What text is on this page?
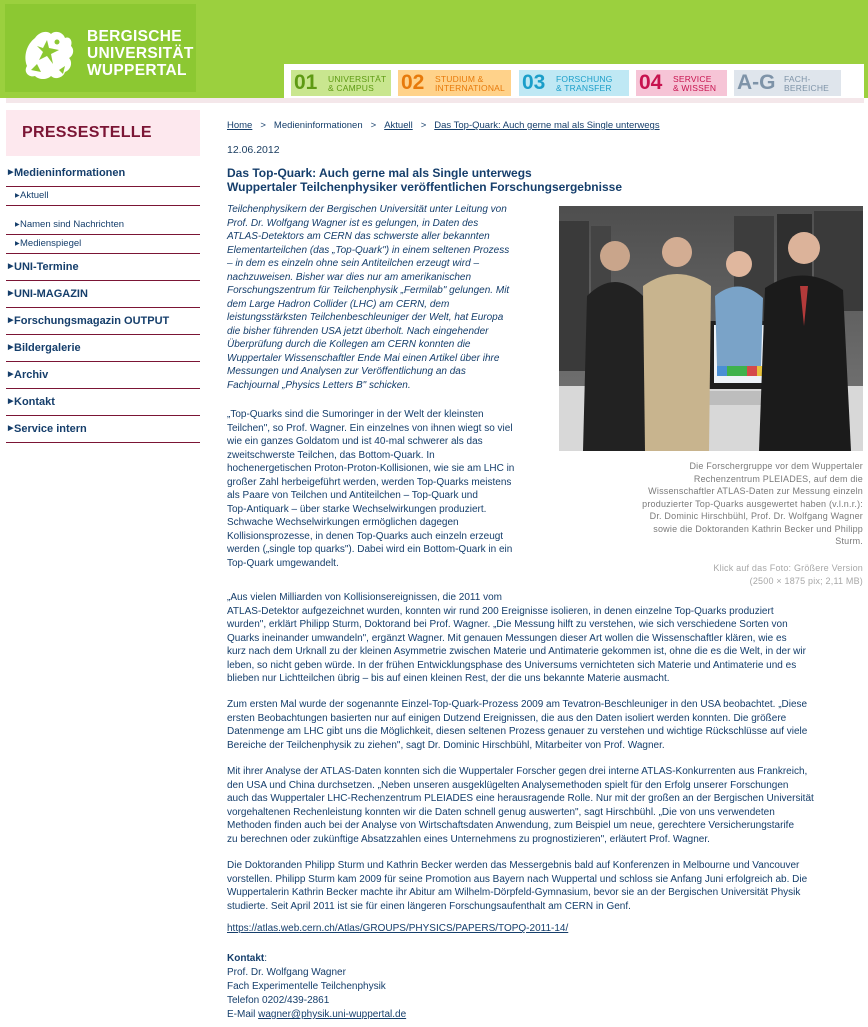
BERGISCHE
UNIVERSITÄT
WUPPERTAL
01 UNIVERSITÄT
& CAMPUS	02 STUDIUM &
INTERNATIONAL 03 FORSCHUNG
& TRANSFER 04 SERVICE
& WISSEN A-G FACH-
BEREICHE
PRESSESTELLE
▶ Medieninformationen
▶ Aktuell
▶ Namen sind Nachrichten
▶ Medienspiegel
▶ UNI-Termine
▶ UNI-MAGAZIN
▶ Forschungsmagazin OUTPUT
▶ Bildergalerie
▶ Archiv
▶ Kontakt
▶ Service intern
Home > Medieninformationen > Aktuell > Das Top-Quark: Auch gerne mal als Single unterwegs
12.06.2012
Das Top-Quark: Auch gerne mal als Single unterwegs
Wuppertaler Teilchenphysiker veröffentlichen Forschungsergebnisse
Teilchenphysikern der Bergischen Universität unter Leitung von
Prof. Dr. Wolfgang Wagner ist es gelungen, in Daten des
ATLAS-Detektors am CERN das schwerste aller bekannten
Elementarteilchen (das „Top-Quark") in einem seltenen Prozess
– in dem es einzeln ohne sein Antiteilchen erzeugt wird –
nachzuweisen. Bisher war dies nur am amerikanischen
Forschungszentrum für Teilchenphysik „Fermilab" gelungen. Mit
dem Large Hadron Collider (LHC) am CERN, dem
leistungsstärksten Teilchenbeschleuniger der Welt, hat Europa
die bisher führenden USA jetzt überholt. Nach eingehender
Überprüfung durch die Kollegen am CERN konnten die
Wuppertaler Wissenschaftler Ende Mai einen Artikel über ihre
Messungen und Analysen zur Veröffentlichung an das
Fachjournal „Physics Letters B" schicken.
„Top-Quarks sind die Sumoringer in der Welt der kleinsten
Teilchen", so Prof. Wagner. Ein einzelnes von ihnen wiegt so viel
wie ein ganzes Goldatom und ist 40-mal schwerer als das
zweitschwerste Teilchen, das Bottom-Quark. In
hochenergetischen Proton-Proton-Kollisionen, wie sie am LHC in
großer Zahl herbeigeführt werden, werden Top-Quarks meistens
als Paare von Teilchen und Antiteilchen – Top-Quark und
Top-Antiquark – über starke Wechselwirkungen produziert.
Schwache Wechselwirkungen ermöglichen dagegen
Kollisionsprozesse, in denen Top-Quarks auch einzeln erzeugt
werden („single top quarks"). Dabei wird ein Bottom-Quark in ein
Top-Quark umgewandelt.
„Aus vielen Milliarden von Kollisionsereignissen, die 2011 vom
ATLAS-Detektor aufgezeichnet wurden, konnten wir rund 200 Ereignisse isolieren, in denen einzelne Top-Quarks produziert
wurden", erklärt Philipp Sturm, Doktorand bei Prof. Wagner. „Die Messung hilft zu verstehen, wie sich verschiedene Sorten von
Quarks ineinander umwandeln", ergänzt Wagner. Mit genauen Messungen dieser Art wollen die Wissenschaftler klären, wie es
kurz nach dem Urknall zu der kleinen Asymmetrie zwischen Materie und Antimaterie gekommen ist, ohne die es die Welt, in der wir
leben, so nicht geben würde. In der frühen Entwicklungsphase des Universums vernichteten sich Materie und Antimaterie und es
blieben nur Lichtteilchen übrig – bis auf einen kleinen Rest, der die uns bekannte Materie ausmacht.
Zum ersten Mal wurde der sogenannte Einzel-Top-Quark-Prozess 2009 am Tevatron-Beschleuniger in den USA beobachtet. „Diese
ersten Beobachtungen basierten nur auf einigen Dutzend Ereignissen, die aus den Daten isoliert werden konnten. Die größere
Datenmenge am LHC gibt uns die Möglichkeit, diesen seltenen Prozess genauer zu verstehen und wichtige Rückschlüsse auf viele
Bereiche der Teilchenphysik zu ziehen", sagt Dr. Dominic Hirschbühl, Mitarbeiter von Prof. Wagner.
Mit ihrer Analyse der ATLAS-Daten konnten sich die Wuppertaler Forscher gegen drei interne ATLAS-Konkurrenten aus Frankreich,
den USA und China durchsetzen. „Neben unseren ausgeklügelten Analysemethoden spielt für den Erfolg unserer Forschungen
auch das Wuppertaler LHC-Rechenzentrum PLEIADES eine herausragende Rolle. Nur mit der großen an der Bergischen Universität
vorgehaltenen Rechenleistung konnten wir die Daten schnell genug auswerten", sagt Hirschbühl. „Die von uns verwendeten
Methoden finden auch bei der Analyse von Wirtschaftsdaten Anwendung, zum Beispiel um neue, gerechtere Versicherungstarife
zu berechnen oder zukünftige Absatzzahlen eines Unternehmens zu prognostizieren", erläutert Prof. Wagner.
Die Doktoranden Philipp Sturm und Kathrin Becker werden das Messergebnis bald auf Konferenzen in Melbourne und Vancouver
vorstellen. Philipp Sturm kam 2009 für seine Promotion aus Bayern nach Wuppertal und schloss sie Anfang Juni erfolgreich ab. Die
Wuppertalerin Kathrin Becker machte ihr Abitur am Wilhelm-Dörpfeld-Gymnasium, bevor sie an der Bergischen Universität Physik
studierte. Seit April 2011 ist sie für einen längeren Forschungsaufenthalt am CERN in Genf.
https://atlas.web.cern.ch/Atlas/GROUPS/PHYSICS/PAPERS/TOPQ-2011-14/
Kontakt:
Prof. Dr. Wolfgang Wagner
Fach Experimentelle Teilchenphysik
Telefon 0202/439-2861
E-Mail wagner@physik.uni-wuppertal.de
Die Forschergruppe vor dem Wuppertaler
Rechenzentrum PLEIADES, auf dem die
Wissenschaftler ATLAS-Daten zur Messung einzeln
produzierter Top-Quarks ausgewertet haben (v.l.n.r.):
Dr. Dominic Hirschbühl, Prof. Dr. Wolfgang Wagner
sowie die Doktoranden Kathrin Becker und Philipp
Sturm.
Klick auf das Foto: Größere Version
(2500 × 1875 pix; 2,11 MB)
